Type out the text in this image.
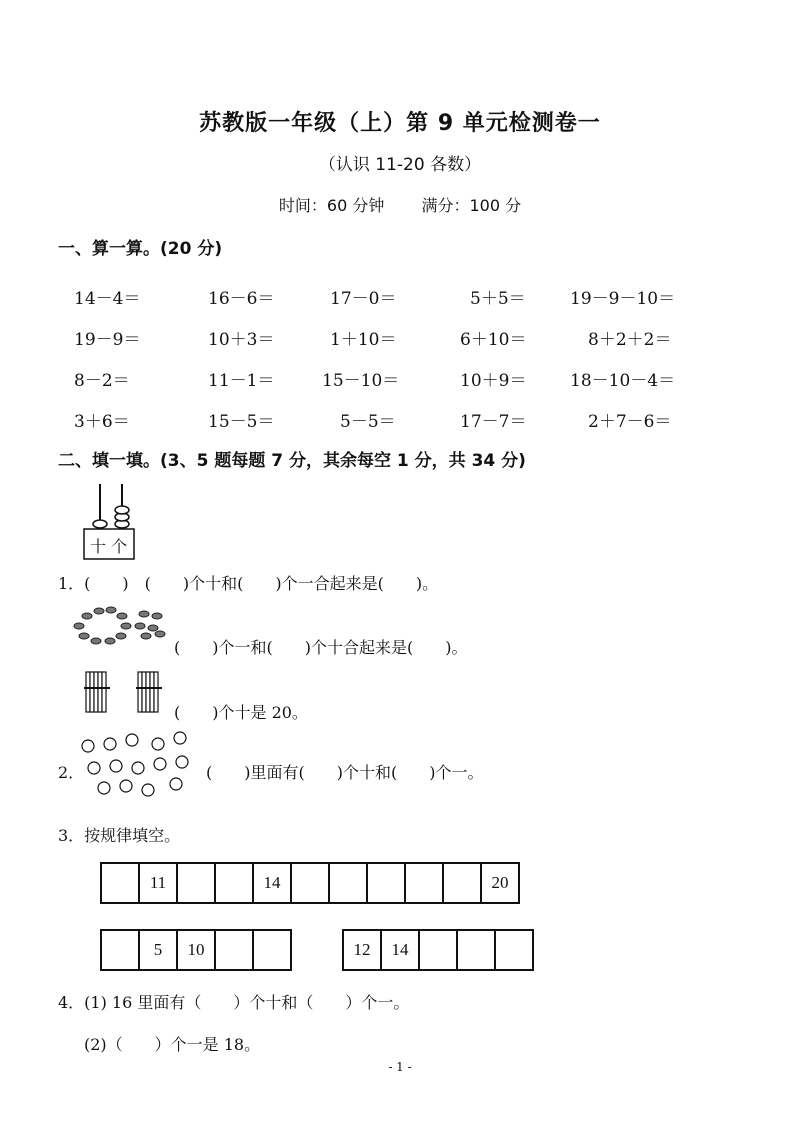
苏教版一年级（上）第 9 单元检测卷一
（认识 11-20 各数）
时间：60 分钟 满分：100 分
一、算一算。(20 分)
14－4＝	16－6＝	17－0＝	5＋5＝	19－9－10＝
19－9＝	10＋3＝	1＋10＝	6＋10＝	8＋2＋2＝
8－2＝	11－1＝	15－10＝	10＋9＝	18－10－4＝
3＋6＝	15－5＝	5－5＝	17－7＝	2＋7－6＝
二、填一填。(3、5 题每题 7 分，其余每空 1 分，共 34 分)
十 个
1．(　　)　(　　)个十和(　　)个一合起来是(　　)。
(　　)个一和(　　)个十合起来是(　　)。
(　　)个十是 20。
2．	(　　)里面有(　　)个十和(　　)个一。
3．按规律填空。
	11			14						20
	5	10			12	14			
4．(1) 16 里面有（　　）个十和（　　）个一。
(2)（　　）个一是 18。
- 1 -
